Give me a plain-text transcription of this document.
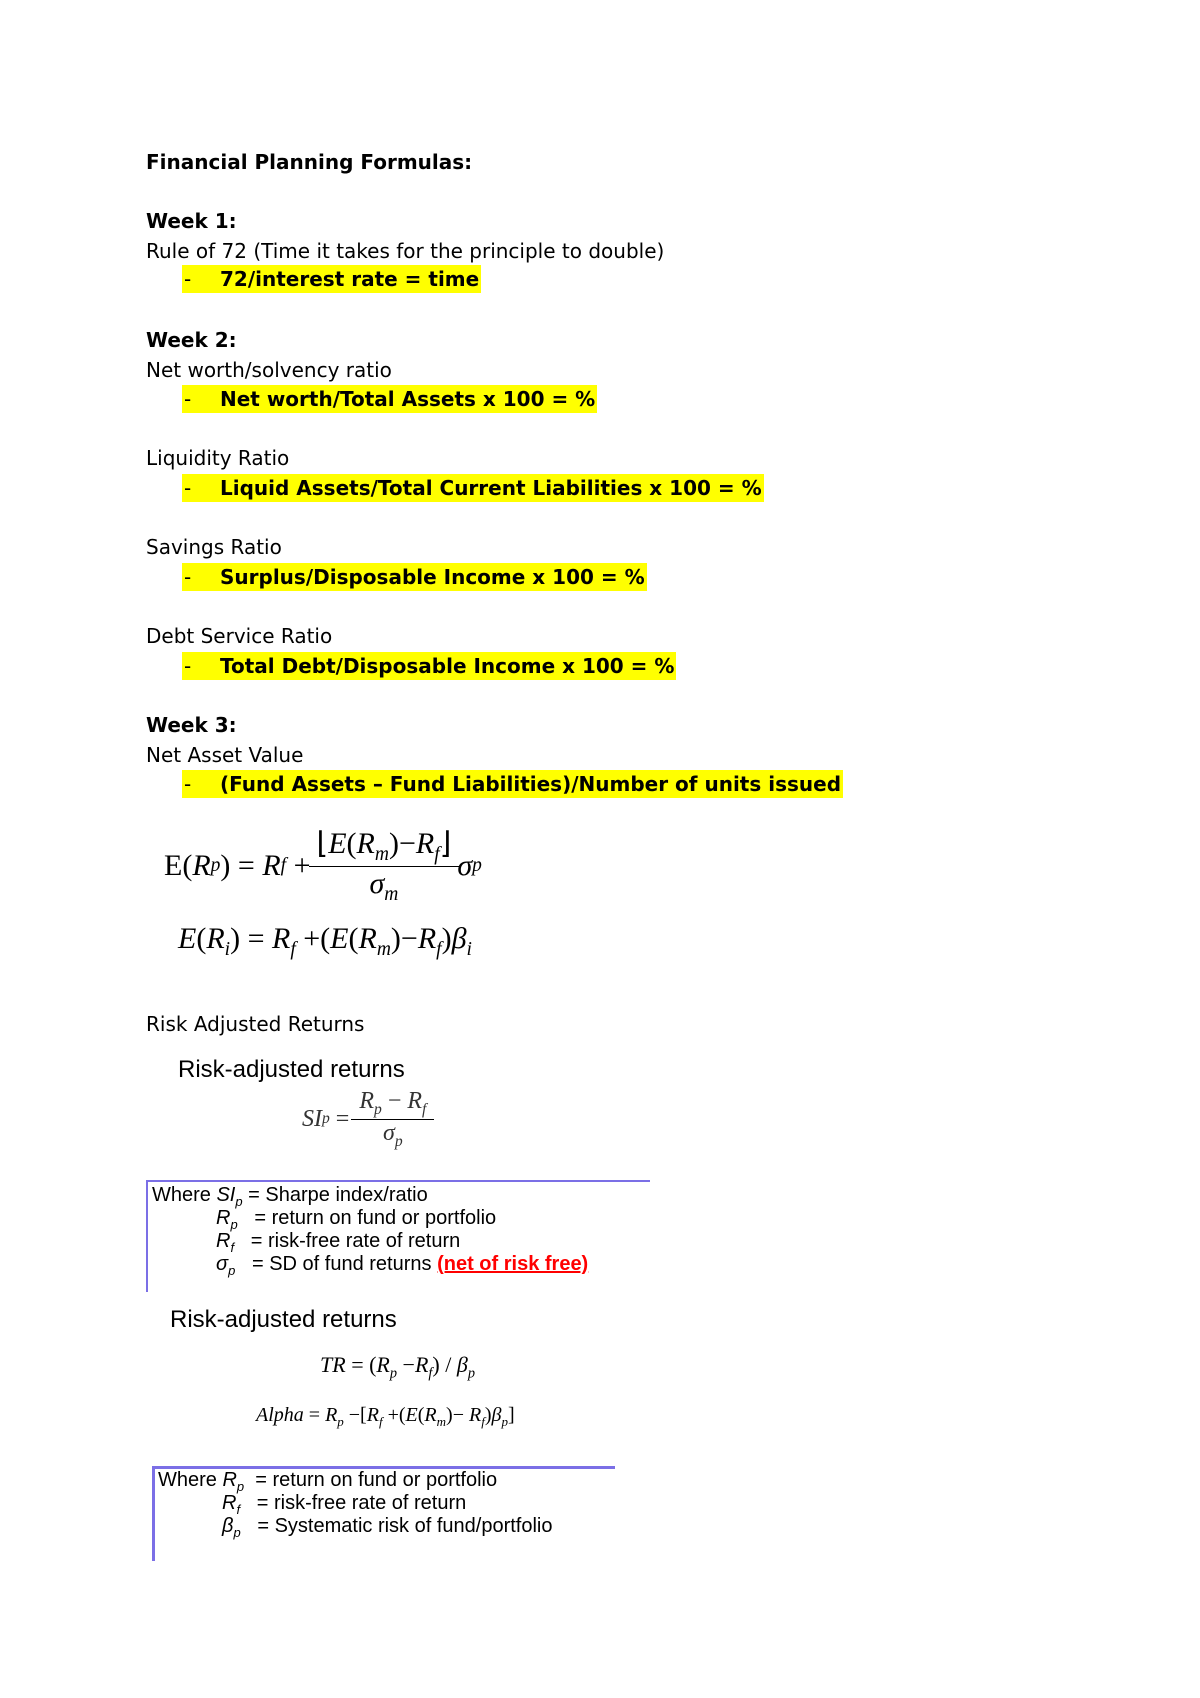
Financial Planning Formulas:
Week 1:
Rule of 72 (Time it takes for the principle to double)
- 72/interest rate = time
Week 2:
Net worth/solvency ratio
- Net worth/Total Assets x 100 = %
Liquidity Ratio
- Liquid Assets/Total Current Liabilities x 100 = %
Savings Ratio
- Surplus/Disposable Income x 100 = %
Debt Service Ratio
- Total Debt/Disposable Income x 100 = %
Week 3:
Net Asset Value
- (Fund Assets – Fund Liabilities)/Number of units issued
E( R p ) = R $f + \frac{⌊E(R_m)-R_f⌋}{\sigma_m}$ σ p
$E(R_i) = R_f +(E(R_m)-R_f)\beta_i$
Risk Adjusted Returns
Risk-adjusted returns
SI $p = \frac{R_p - R_f}{\sigma_p}$
Where $SI_p$ = Sharpe index/ratio
$R_p$ = return on fund or portfolio
$R_f$ = risk-free rate of return
$\sigma_p$ = SD of fund returns (net of risk free)
Risk-adjusted returns
TR = $(R_p -R_f) / \beta_p$
Alpha = $R_p -[R_f +(E(R_m)- R_f)\beta_p]$
Where $R_p$ = return on fund or portfolio
$R_f$ = risk-free rate of return
$\beta_p$ = Systematic risk of fund/portfolio
